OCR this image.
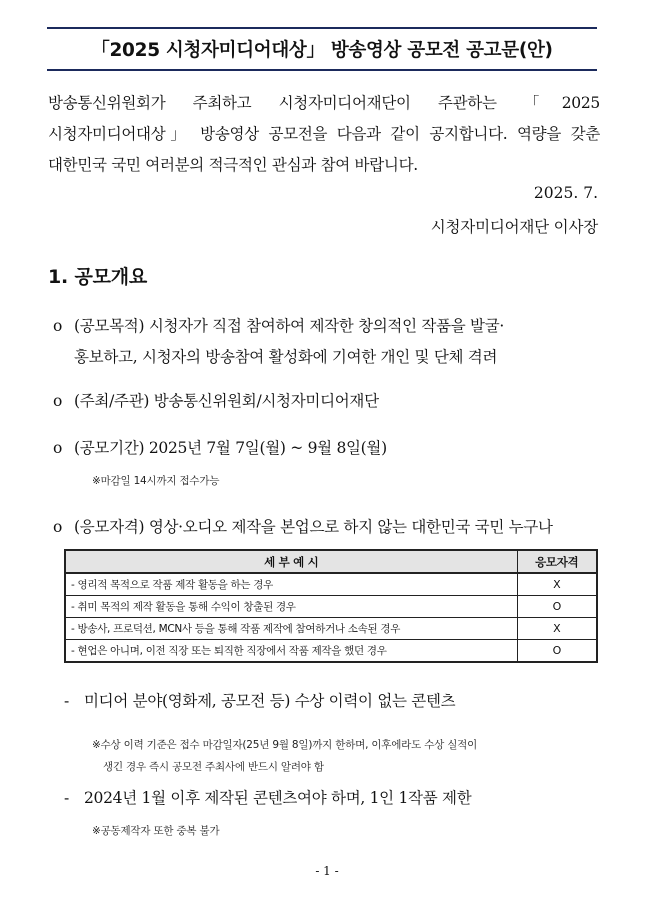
「2025 시청자미디어대상」 방송영상 공모전 공고문(안)
방송통신위원회가 주최하고 시청자미디어재단이 주관하는 「2025 시청자미디어대상」 방송영상 공모전을 다음과 같이 공지합니다. 역량을 갖춘 대한민국 국민 여러분의 적극적인 관심과 참여 바랍니다.
2025. 7.
시청자미디어재단 이사장
1. 공모개요
o (공모목적) 시청자가 직접 참여하여 제작한 창의적인 작품을 발굴·
홍보하고, 시청자의 방송참여 활성화에 기여한 개인 및 단체 격려
o (주최/주관) 방송통신위원회/시청자미디어재단
o (공모기간) 2025년 7월 7일(월) ~ 9월 8일(월)
※마감일 14시까지 접수가능
o (응모자격) 영상·오디오 제작을 본업으로 하지 않는 대한민국 국민 누구나
세 부 예 시	응모자격
- 영리적 목적으로 작품 제작 활동을 하는 경우	X
- 취미 목적의 제작 활동을 통해 수익이 창출된 경우	O
- 방송사, 프로덕션, MCN사 등을 통해 작품 제작에 참여하거나 소속된 경우	X
- 현업은 아니며, 이전 직장 또는 퇴직한 직장에서 작품 제작을 했던 경우	O
- 미디어 분야(영화제, 공모전 등) 수상 이력이 없는 콘텐츠
※수상 이력 기준은 접수 마감일자(25년 9월 8일)까지 한하며, 이후에라도 수상 실적이
생긴 경우 즉시 공모전 주최사에 반드시 알려야 함
- 2024년 1월 이후 제작된 콘텐츠여야 하며, 1인 1작품 제한
※공동제작자 또한 중복 불가
- 1 -
